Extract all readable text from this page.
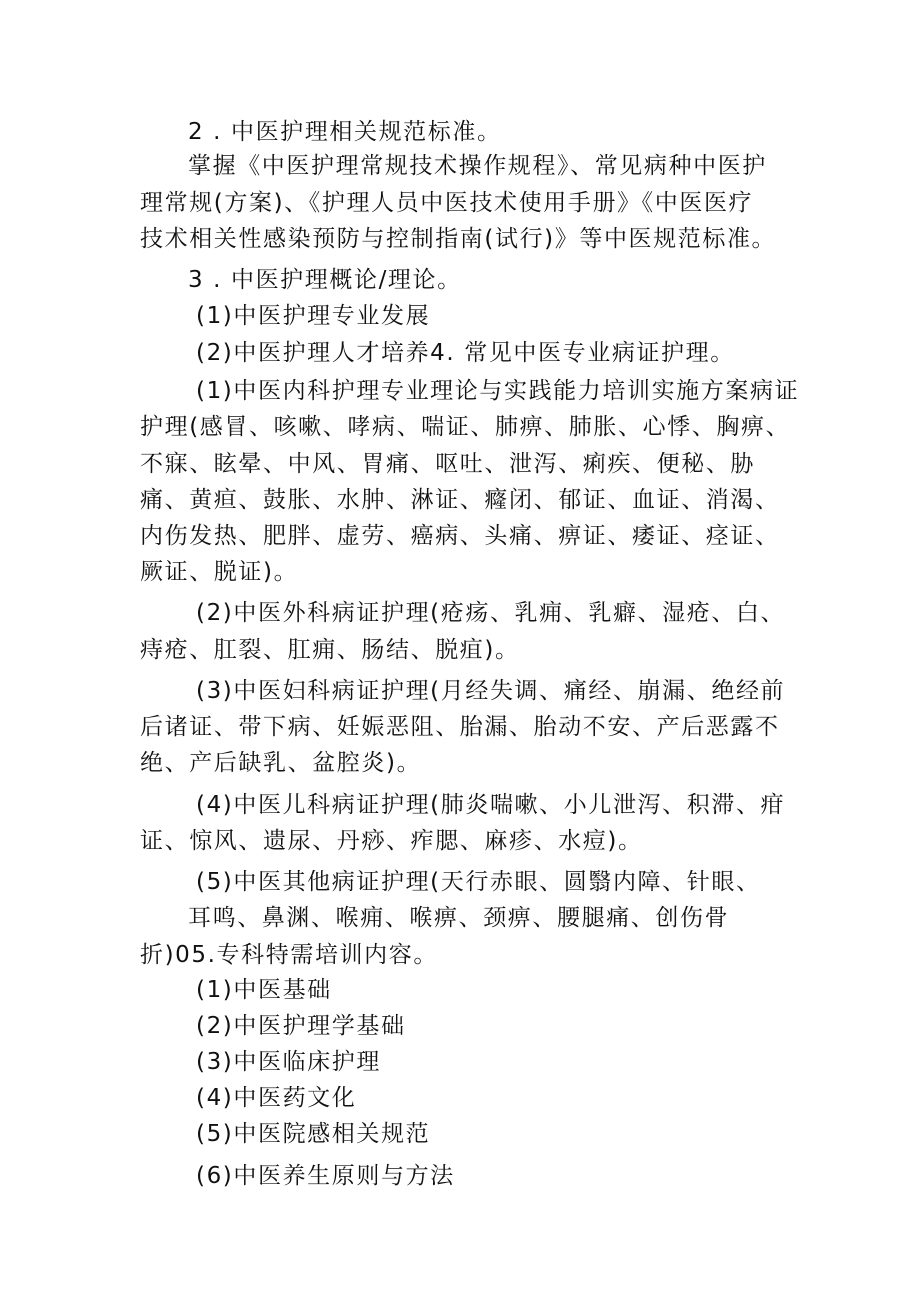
2 . 中医护理相关规范标准。
掌握《中医护理常规技术操作规程》、常见病种中医护
理常规(方案)、《护理人员中医技术使用手册》《中医医疗
技术相关性感染预防与控制指南(试行)》等中医规范标准。
3 . 中医护理概论/理论。
(1)中医护理专业发展
(2)中医护理人才培养4. 常见中医专业病证护理。
(1)中医内科护理专业理论与实践能力培训实施方案病证
护理(感冒、咳嗽、哮病、喘证、肺痹、肺胀、心悸、胸痹、
不寐、眩晕、中风、胃痛、呕吐、泄泻、痢疾、便秘、胁
痛、黄疸、鼓胀、水肿、淋证、癃闭、郁证、血证、消渴、
内伤发热、肥胖、虚劳、癌病、头痛、痹证、痿证、痉证、
厥证、脱证)。
(2)中医外科病证护理(疮疡、乳痈、乳癖、湿疮、白、
痔疮、肛裂、肛痈、肠结、脱疽)。
(3)中医妇科病证护理(月经失调、痛经、崩漏、绝经前
后诸证、带下病、妊娠恶阻、胎漏、胎动不安、产后恶露不
绝、产后缺乳、盆腔炎)。
(4)中医儿科病证护理(肺炎喘嗽、小儿泄泻、积滞、疳
证、惊风、遗尿、丹痧、痄腮、麻疹、水痘)。
(5)中医其他病证护理(天行赤眼、圆翳内障、针眼、
耳鸣、鼻渊、喉痈、喉痹、颈痹、腰腿痛、创伤骨
折)05.专科特需培训内容。
(1)中医基础
(2)中医护理学基础
(3)中医临床护理
(4)中医药文化
(5)中医院感相关规范
(6)中医养生原则与方法
